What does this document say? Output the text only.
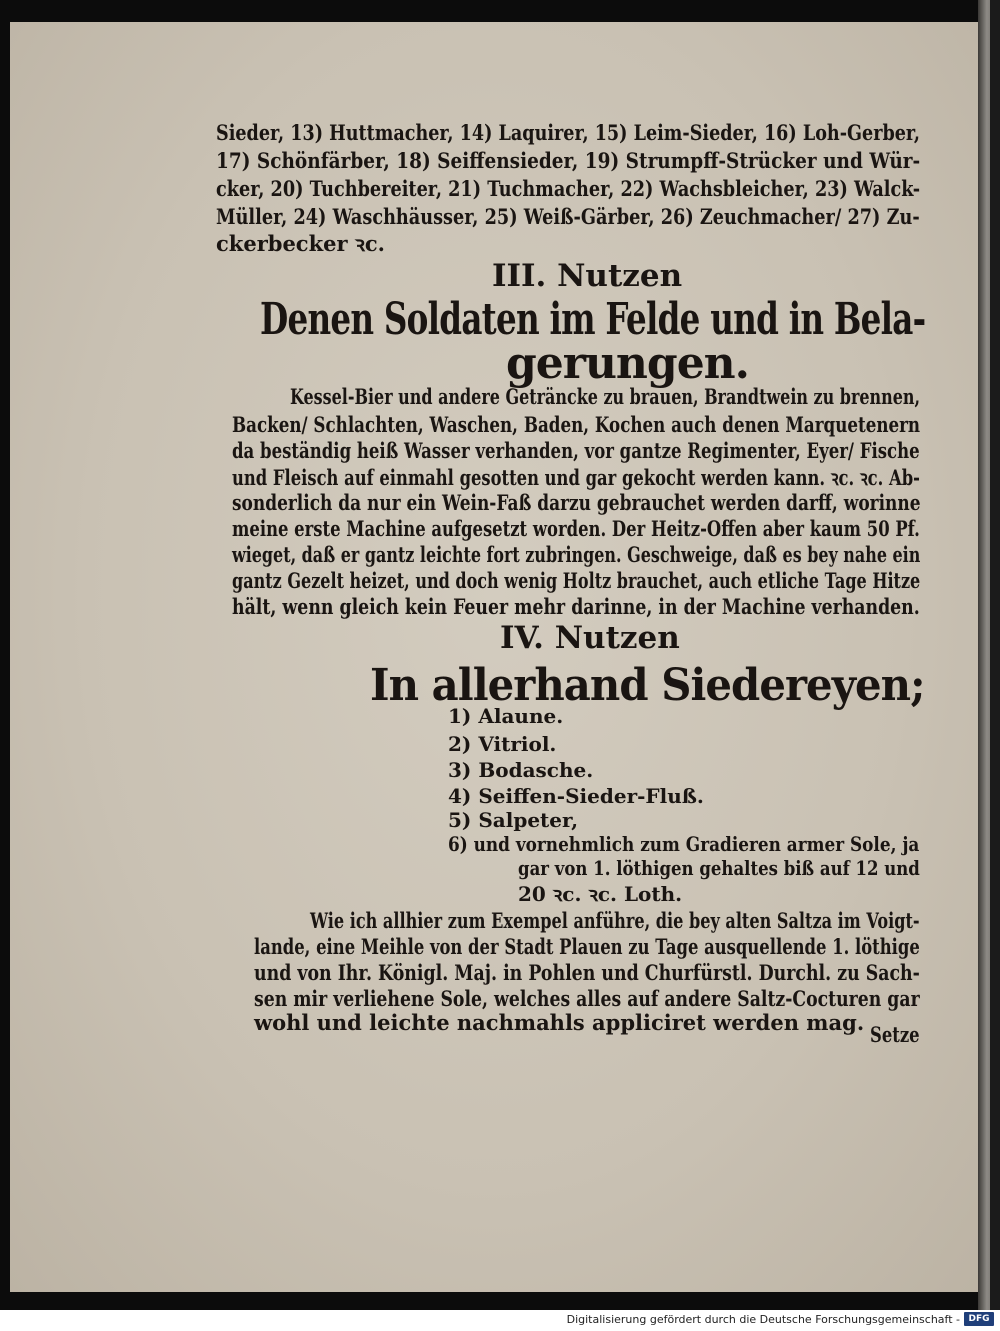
Sieder, 13) Huttmacher, 14) Laquirer, 15) Leim-Sieder, 16) Loh-Gerber,
17) Schönfärber, 18) Seiffensieder, 19) Strumpff-Strücker und Wür-
cker, 20) Tuchbereiter, 21) Tuchmacher, 22) Wachsbleicher, 23) Walck-
Müller, 24) Waschhäusser, 25) Weiß-Gärber, 26) Zeuchmacher/ 27) Zu-
ckerbecker ꝛc.
III. Nutzen
Denen Soldaten im Felde und in Bela-
gerungen.
Kessel-Bier und andere Geträncke zu brauen, Brandtwein zu brennen,
Backen/ Schlachten, Waschen, Baden, Kochen auch denen Marquetenern
da beständig heiß Wasser verhanden, vor gantze Regimenter, Eyer/ Fische
und Fleisch auf einmahl gesotten und gar gekocht werden kann. ꝛc. ꝛc. Ab-
sonderlich da nur ein Wein-Faß darzu gebrauchet werden darff, worinne
meine erste Machine aufgesetzt worden. Der Heitz-Offen aber kaum 50 Pf.
wieget, daß er gantz leichte fort zubringen. Geschweige, daß es bey nahe ein
gantz Gezelt heizet, und doch wenig Holtz brauchet, auch etliche Tage Hitze
hält, wenn gleich kein Feuer mehr darinne, in der Machine verhanden.
IV. Nutzen
In allerhand Siedereyen;
1) Alaune.
2) Vitriol.
3) Bodasche.
4) Seiffen-Sieder-Fluß.
5) Salpeter,
6) und vornehmlich zum Gradieren armer Sole, ja
gar von 1. löthigen gehaltes biß auf 12 und
20 ꝛc. ꝛc. Loth.
Wie ich allhier zum Exempel anführe, die bey alten Saltza im Voigt-
lande, eine Meihle von der Stadt Plauen zu Tage ausquellende 1. löthige
und von Ihr. Königl. Maj. in Pohlen und Churfürstl. Durchl. zu Sach-
sen mir verliehene Sole, welches alles auf andere Saltz-Cocturen gar
wohl und leichte nachmahls appliciret werden mag. Setze
Digitalisierung gefördert durch die Deutsche Forschungsgemeinschaft - DFG
